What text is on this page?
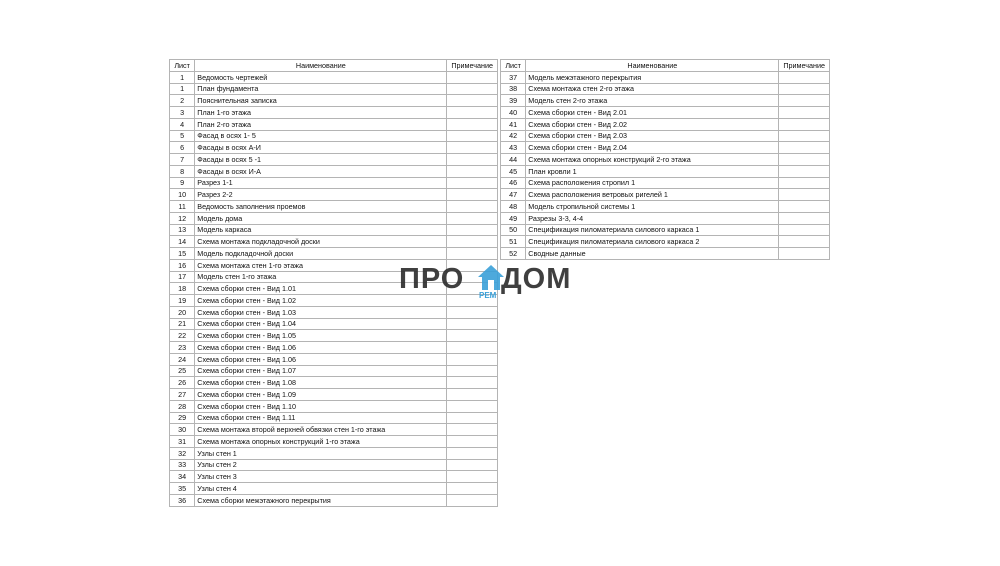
Лист	Наименование	Примечание
1	Ведомость чертежей	
1	План фундамента	
2	Пояснительная записка	
3	План 1-го этажа	
4	План 2-го этажа	
5	Фасад в осях 1- 5	
6	Фасады в осях А-И	
7	Фасады в осях 5 -1	
8	Фасады в осях И-А	
9	Разрез 1-1	
10	Разрез 2-2	
11	Ведомость заполнения проемов	
12	Модель дома	
13	Модель каркаса	
14	Схема монтажа подкладочной доски	
15	Модель подкладочной доски	
16	Схема монтажа стен 1-го этажа	
17	Модель стен 1-го этажа	
18	Схема сборки стен - Вид 1.01	
19	Схема сборки стен - Вид 1.02	
20	Схема сборки стен - Вид 1.03	
21	Схема сборки стен - Вид 1.04	
22	Схема сборки стен - Вид 1.05	
23	Схема сборки стен - Вид 1.06	
24	Схема сборки стен - Вид 1.06	
25	Схема сборки стен - Вид 1.07	
26	Схема сборки стен - Вид 1.08	
27	Схема сборки стен - Вид 1.09	
28	Схема сборки стен - Вид 1.10	
29	Схема сборки стен - Вид 1.11	
30	Схема монтажа второй верхней обвязки стен 1-го этажа	
31	Схема монтажа опорных конструкций 1-го этажа	
32	Узлы стен 1	
33	Узлы стен 2	
34	Узлы стен 3	
35	Узлы стен 4	
36	Схема сборки межэтажного перекрытия	
Лист	Наименование	Примечание
37	Модель межэтажного перекрытия	
38	Схема монтажа стен 2-го этажа	
39	Модель стен 2-го этажа	
40	Схема сборки стен - Вид 2.01	
41	Схема сборки стен - Вид 2.02	
42	Схема сборки стен - Вид 2.03	
43	Схема сборки стен - Вид 2.04	
44	Схема монтажа опорных конструкций 2-го этажа	
45	План кровли 1	
46	Схема расположения стропил 1	
47	Схема расположения ветровых ригелей 1	
48	Модель стропильной системы 1	
49	Разрезы 3-3, 4-4	
50	Спецификация пиломатериала силового каркаса 1	
51	Спецификация пиломатериала силового каркаса 2	
52	Сводные данные	
ПРО
РЕМ
ДОМ
